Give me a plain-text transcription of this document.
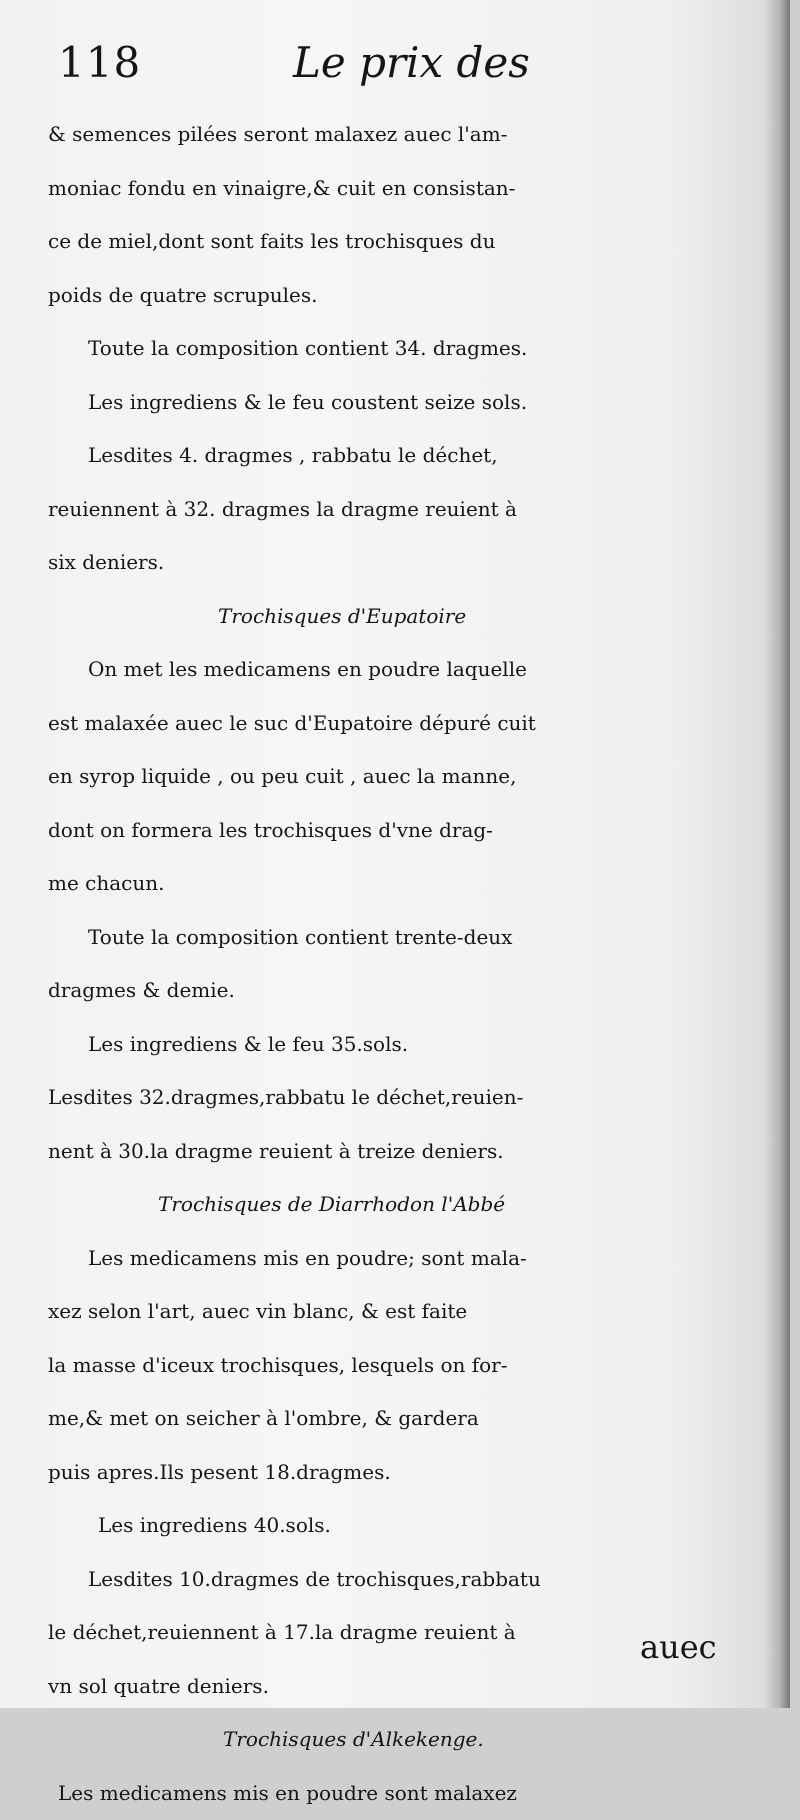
118	Le prix des
& semences pilées seront malaxez auec l'am-
moniac fondu en vinaigre,& cuit en consistan-
ce de miel,dont sont faits les trochisques du
poids de quatre scrupules.
Toute la composition contient 34. dragmes.
Les ingrediens & le feu coustent seize sols.
Lesdites 4. dragmes , rabbatu le déchet,
reuiennent à 32. dragmes la dragme reuient à
six deniers.
Trochisques d'Eupatoire
On met les medicamens en poudre laquelle
est malaxée auec le suc d'Eupatoire dépuré cuit
en syrop liquide , ou peu cuit , auec la manne,
dont on formera les trochisques d'vne drag-
me chacun.
Toute la composition contient trente-deux
dragmes & demie.
Les ingrediens & le feu 35.sols.
Lesdites 32.dragmes,rabbatu le déchet,reuien-
nent à 30.la dragme reuient à treize deniers.
Trochisques de Diarrhodon l'Abbé
Les medicamens mis en poudre; sont mala-
xez selon l'art, auec vin blanc, & est faite
la masse d'iceux trochisques, lesquels on for-
me,& met on seicher à l'ombre, & gardera
puis apres.Ils pesent 18.dragmes.
Les ingrediens 40.sols.
Lesdites 10.dragmes de trochisques,rabbatu
le déchet,reuiennent à 17.la dragme reuient à
vn sol quatre deniers.
Trochisques d'Alkekenge.
Les medicamens mis en poudre sont malaxez
auec
